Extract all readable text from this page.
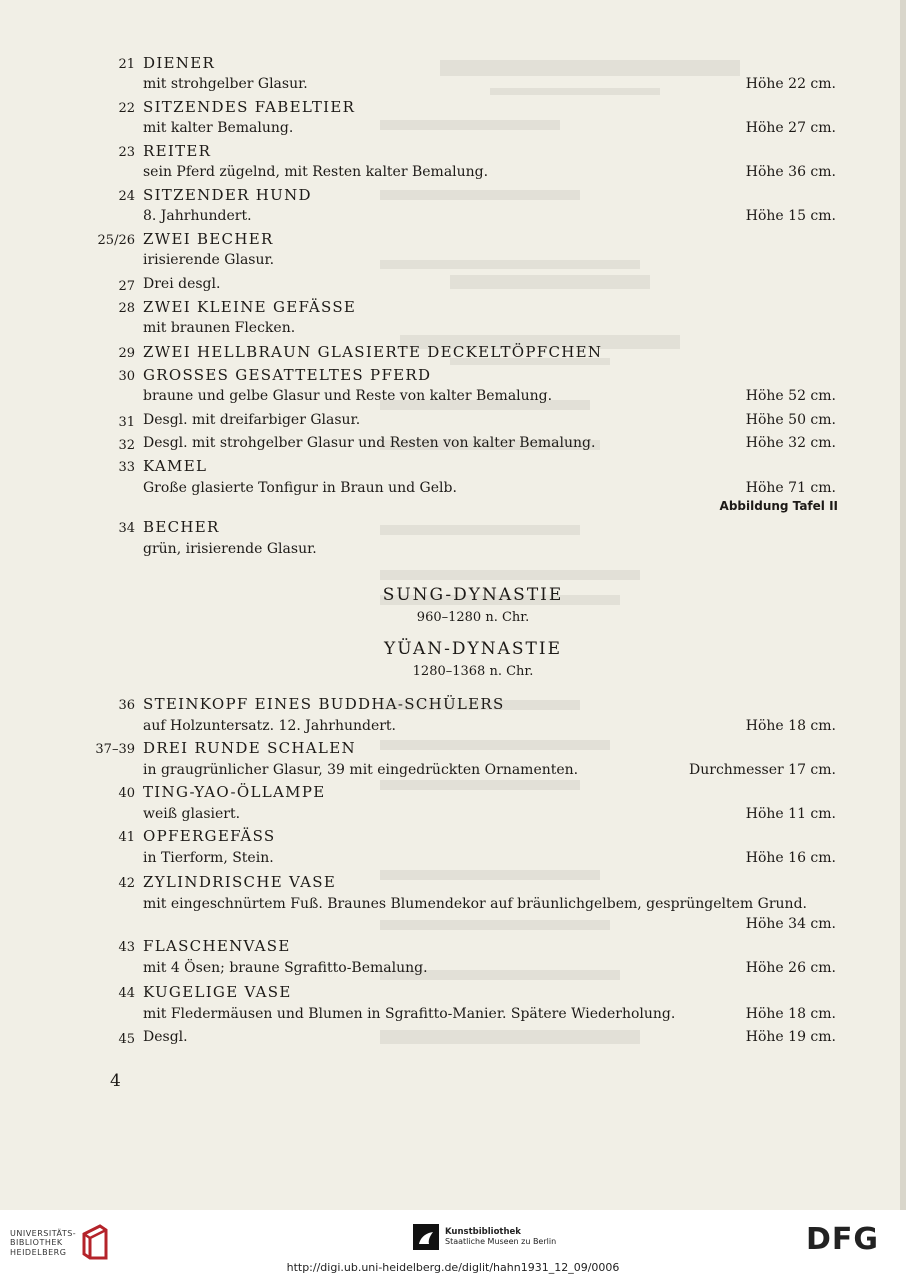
21 DIENER
mit strohgelber Glasur.	Höhe 22 cm.
22 SITZENDES FABELTIER
mit kalter Bemalung.	Höhe 27 cm.
23 REITER
sein Pferd zügelnd, mit Resten kalter Bemalung.	Höhe 36 cm.
24 SITZENDER HUND
8. Jahrhundert.	Höhe 15 cm.
25/26 ZWEI BECHER
irisierende Glasur.
27 Drei desgl.
28 ZWEI KLEINE GEFÄSSE
mit braunen Flecken.
29 ZWEI HELLBRAUN GLASIERTE DECKELTÖPFCHEN
30 GROSSES GESATTELTES PFERD
braune und gelbe Glasur und Reste von kalter Bemalung.	Höhe 52 cm.
31 Desgl. mit dreifarbiger Glasur.	Höhe 50 cm.
32 Desgl. mit strohgelber Glasur und Resten von kalter Bemalung.	Höhe 32 cm.
33 KAMEL
Große glasierte Tonfigur in Braun und Gelb.	Höhe 71 cm.
Abbildung Tafel II
34 BECHER
grün, irisierende Glasur.
SUNG-DYNASTIE
960–1280 n. Chr.
YÜAN-DYNASTIE
1280–1368 n. Chr.
36 STEINKOPF EINES BUDDHA-SCHÜLERS
auf Holzuntersatz. 12. Jahrhundert.	Höhe 18 cm.
37–39 DREI RUNDE SCHALEN
in graugrünlicher Glasur, 39 mit eingedrückten Ornamenten.	Durchmesser 17 cm.
40 TING-YAO-ÖLLAMPE
weiß glasiert.	Höhe 11 cm.
41 OPFERGEFÄSS
in Tierform, Stein.	Höhe 16 cm.
42 ZYLINDRISCHE VASE
mit eingeschnürtem Fuß. Braunes Blumendekor auf bräunlichgelbem, gesprüngeltem Grund.
Höhe 34 cm.
43 FLASCHENVASE
mit 4 Ösen; braune Sgrafitto-Bemalung.	Höhe 26 cm.
44 KUGELIGE VASE
mit Fledermäusen und Blumen in Sgrafitto-Manier. Spätere Wiederholung.	Höhe 18 cm.
45 Desgl.	Höhe 19 cm.
4
UNIVERSITÄTS-
BIBLIOTHEK
HEIDELBERG
Kunstbibliothek
Staatliche Museen zu Berlin	DFG
http://digi.ub.uni-heidelberg.de/diglit/hahn1931_12_09/0006
